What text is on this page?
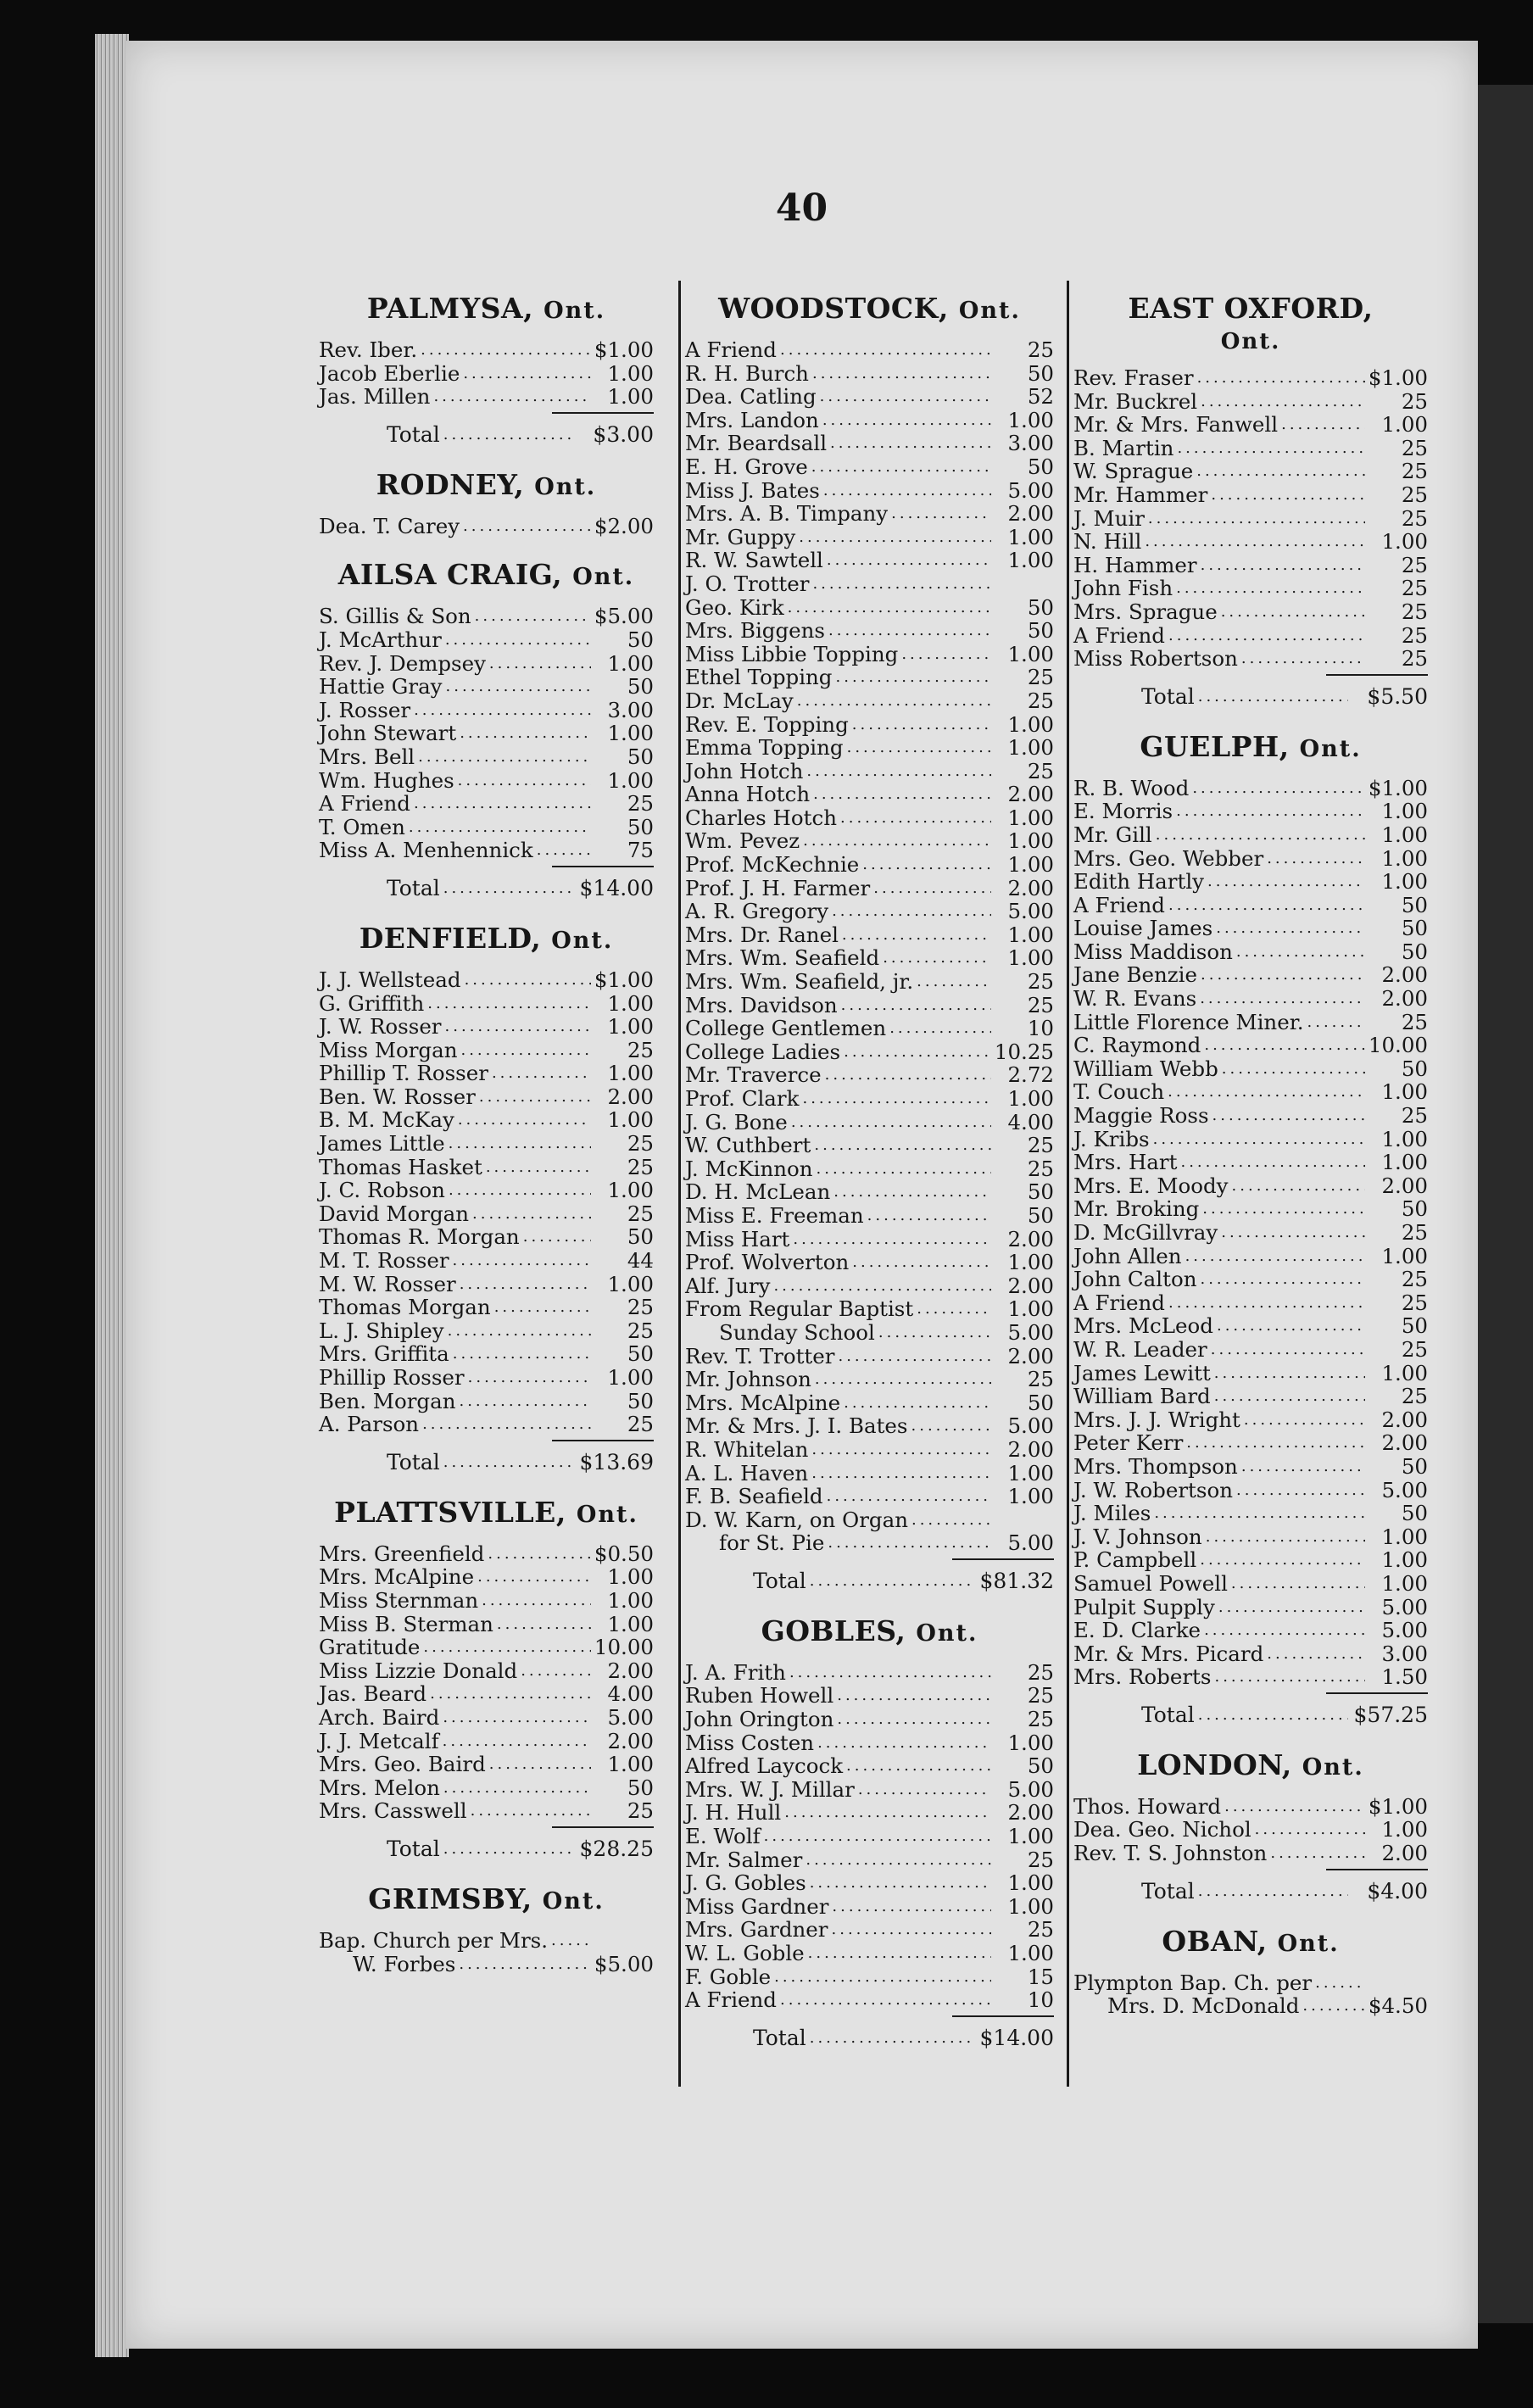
40
PALMYSA, Ont.
Rev. Iber. .....	$1.00
Jacob Eberlie .....	1.00
Jas. Millen .....	1.00
Total .....	$3.00
RODNEY, Ont.
Dea. T. Carey .....	$2.00
AILSA CRAIG, Ont.
S. Gillis & Son .....	$5.00
J. McArthur .....	50
Rev. J. Dempsey .....	1.00
Hattie Gray .....	50
J. Rosser .....	3.00
John Stewart .....	1.00
Mrs. Bell .....	50
Wm. Hughes .....	1.00
A Friend .....	25
T. Omen .....	50
Miss A. Menhennick .....	75
Total .....	$14.00
DENFIELD, Ont.
J. J. Wellstead .....	$1.00
G. Griffith .....	1.00
J. W. Rosser .....	1.00
Miss Morgan .....	25
Phillip T. Rosser .....	1.00
Ben. W. Rosser .....	2.00
B. M. McKay .....	1.00
James Little .....	25
Thomas Hasket .....	25
J. C. Robson .....	1.00
David Morgan .....	25
Thomas R. Morgan .....	50
M. T. Rosser .....	44
M. W. Rosser .....	1.00
Thomas Morgan .....	25
L. J. Shipley .....	25
Mrs. Griffita .....	50
Phillip Rosser .....	1.00
Ben. Morgan .....	50
A. Parson .....	25
Total .....	$13.69
PLATTSVILLE, Ont.
Mrs. Greenfield .....	$0.50
Mrs. McAlpine .....	1.00
Miss Sternman .....	1.00
Miss B. Sterman .....	1.00
Gratitude .....	10.00
Miss Lizzie Donald .....	2.00
Jas. Beard .....	4.00
Arch. Baird .....	5.00
J. J. Metcalf .....	2.00
Mrs. Geo. Baird .....	1.00
Mrs. Melon .....	50
Mrs. Casswell .....	25
Total .....	$28.25
GRIMSBY, Ont.
Bap. Church per Mrs.
.....
W. Forbes .....	$5.00
WOODSTOCK, Ont.
A Friend .....	25
R. H. Burch .....	50
Dea. Catling .....	52
Mrs. Landon .....	1.00
Mr. Beardsall .....	3.00
E. H. Grove .....	50
Miss J. Bates .....	5.00
Mrs. A. B. Timpany .....	2.00
Mr. Guppy .....	1.00
R. W. Sawtell .....	1.00
J. O. Trotter
.....
Geo. Kirk .....	50
Mrs. Biggens .....	50
Miss Libbie Topping .....	1.00
Ethel Topping .....	25
Dr. McLay .....	25
Rev. E. Topping .....	1.00
Emma Topping .....	1.00
John Hotch .....	25
Anna Hotch .....	2.00
Charles Hotch .....	1.00
Wm. Pevez .....	1.00
Prof. McKechnie .....	1.00
Prof. J. H. Farmer .....	2.00
A. R. Gregory .....	5.00
Mrs. Dr. Ranel .....	1.00
Mrs. Wm. Seafield .....	1.00
Mrs. Wm. Seafield, jr. .....	25
Mrs. Davidson .....	25
College Gentlemen .....	10
College Ladies .....	10.25
Mr. Traverce .....	2.72
Prof. Clark .....	1.00
J. G. Bone .....	4.00
W. Cuthbert .....	25
J. McKinnon .....	25
D. H. McLean .....	50
Miss E. Freeman .....	50
Miss Hart .....	2.00
Prof. Wolverton .....	1.00
Alf. Jury .....	2.00
From Regular Baptist .....	1.00
Sunday School .....	5.00
Rev. T. Trotter .....	2.00
Mr. Johnson .....	25
Mrs. McAlpine .....	50
Mr. & Mrs. J. I. Bates .....	5.00
R. Whitelan .....	2.00
A. L. Haven .....	1.00
F. B. Seafield .....	1.00
D. W. Karn, on Organ
.....
for St. Pie .....	5.00
Total .....	$81.32
GOBLES, Ont.
J. A. Frith .....	25
Ruben Howell .....	25
John Orington .....	25
Miss Costen .....	1.00
Alfred Laycock .....	50
Mrs. W. J. Millar .....	5.00
J. H. Hull .....	2.00
E. Wolf .....	1.00
Mr. Salmer .....	25
J. G. Gobles .....	1.00
Miss Gardner .....	1.00
Mrs. Gardner .....	25
W. L. Goble .....	1.00
F. Goble .....	15
A Friend .....	10
Total .....	$14.00
EAST OXFORD,
Ont.
Rev. Fraser .....	$1.00
Mr. Buckrel .....	25
Mr. & Mrs. Fanwell .....	1.00
B. Martin .....	25
W. Sprague .....	25
Mr. Hammer .....	25
J. Muir .....	25
N. Hill .....	1.00
H. Hammer .....	25
John Fish .....	25
Mrs. Sprague .....	25
A Friend .....	25
Miss Robertson .....	25
Total .....	$5.50
GUELPH, Ont.
R. B. Wood .....	$1.00
E. Morris .....	1.00
Mr. Gill .....	1.00
Mrs. Geo. Webber .....	1.00
Edith Hartly .....	1.00
A Friend .....	50
Louise James .....	50
Miss Maddison .....	50
Jane Benzie .....	2.00
W. R. Evans .....	2.00
Little Florence Miner. .....	25
C. Raymond .....	10.00
William Webb .....	50
T. Couch .....	1.00
Maggie Ross .....	25
J. Kribs .....	1.00
Mrs. Hart .....	1.00
Mrs. E. Moody .....	2.00
Mr. Broking .....	50
D. McGillvray .....	25
John Allen .....	1.00
John Calton .....	25
A Friend .....	25
Mrs. McLeod .....	50
W. R. Leader .....	25
James Lewitt .....	1.00
William Bard .....	25
Mrs. J. J. Wright .....	2.00
Peter Kerr .....	2.00
Mrs. Thompson .....	50
J. W. Robertson .....	5.00
J. Miles .....	50
J. V. Johnson .....	1.00
P. Campbell .....	1.00
Samuel Powell .....	1.00
Pulpit Supply .....	5.00
E. D. Clarke .....	5.00
Mr. & Mrs. Picard .....	3.00
Mrs. Roberts .....	1.50
Total .....	$57.25
LONDON, Ont.
Thos. Howard .....	$1.00
Dea. Geo. Nichol .....	1.00
Rev. T. S. Johnston .....	2.00
Total .....	$4.00
OBAN, Ont.
Plympton Bap. Ch. per
.....
Mrs. D. McDonald .....	$4.50
